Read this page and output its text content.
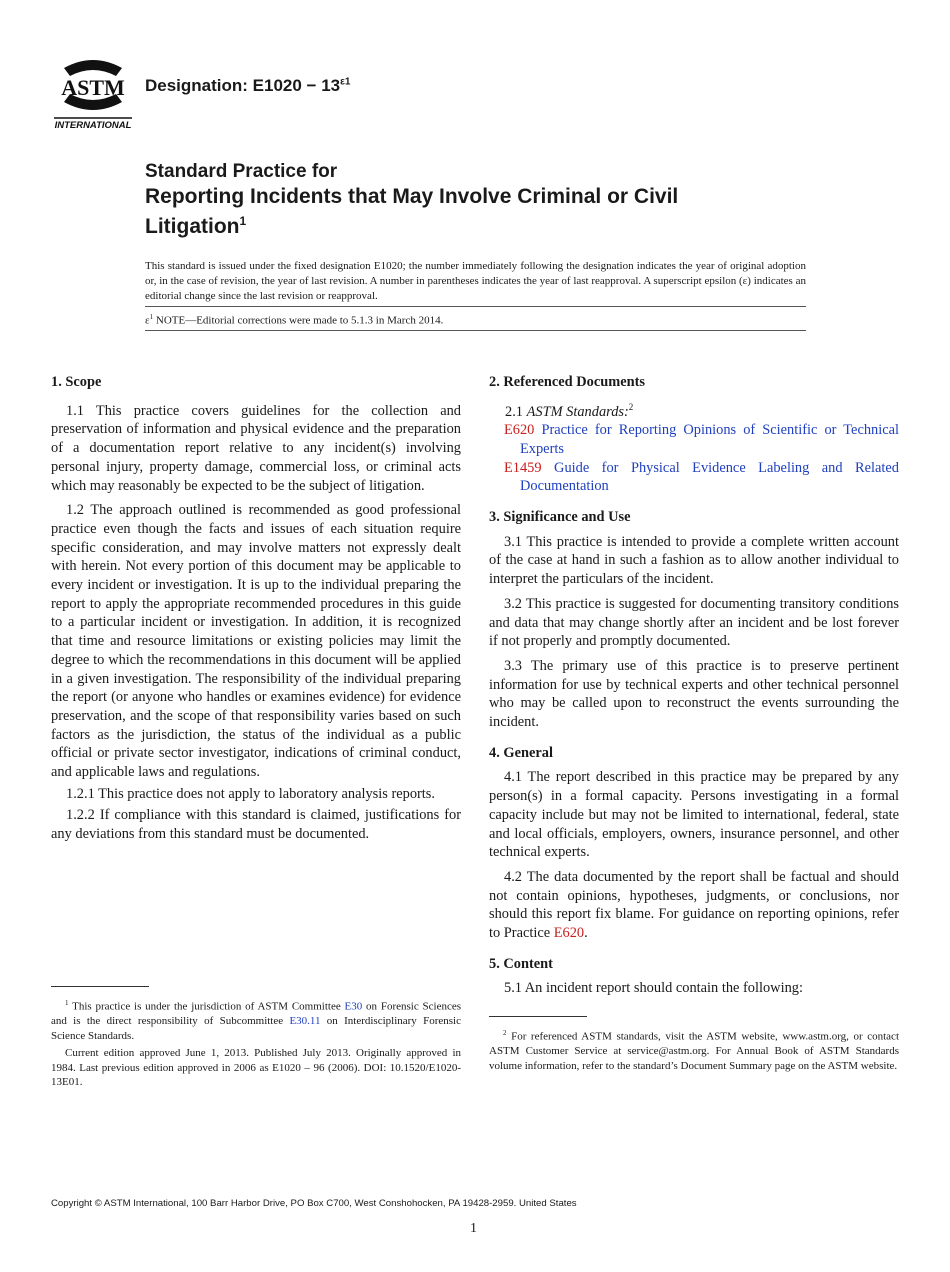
ASTM
INTERNATIONAL
Designation: $E1020 - 13^{\varepsilon 1}$
Standard Practice for
Reporting Incidents that May Involve Criminal or Civil
Litigation$^1$
This standard is issued under the fixed designation E1020; the number immediately following the designation indicates the year of original adoption or, in the case of revision, the year of last revision. A number in parentheses indicates the year of last reapproval. A superscript epsilon (ε) indicates an editorial change since the last revision or reapproval.
$\varepsilon^1$ NOTE—Editorial corrections were made to 5.1.3 in March 2014.
1. Scope

1.1 This practice covers guidelines for the collection and preservation of information and physical evidence and the preparation of a documentation report relative to any incident(s) involving personal injury, property damage, commercial loss, or criminal acts which may reasonably be expected to be the subject of litigation.

1.2 The approach outlined is recommended as good professional practice even though the facts and issues of each situation require specific consideration, and may involve matters not expressly dealt with herein. Not every portion of this document may be applicable to every incident or investigation. It is up to the individual preparing the report to apply the appropriate recommended procedures in this guide to a particular incident or investigation. In addition, it is recognized that time and resource limitations or existing policies may limit the degree to which the recommendations in this document will be applied in a given investigation. The responsibility of the individual preparing the report (or anyone who handles or examines evidence) for evidence preservation, and the scope of that responsibility varies based on such factors as the jurisdiction, the status of the individual as a public official or private sector investigator, indications of criminal conduct, and applicable laws and regulations.

1.2.1 This practice does not apply to laboratory analysis reports.

1.2.2 If compliance with this standard is claimed, justifications for any deviations from this standard must be documented.

$^1$ This practice is under the jurisdiction of ASTM Committee E30 on Forensic Sciences and is the direct responsibility of Subcommittee E30.11 on Interdisciplinary Forensic Science Standards.

Current edition approved June 1, 2013. Published July 2013. Originally approved in 1984. Last previous edition approved in 2006 as E1020 – 96 (2006). DOI: 10.1520/E1020-13E01.

2. Referenced Documents

2.1 ASTM Standards:$^2$

E620 Practice for Reporting Opinions of Scientific or Technical Experts

E1459 Guide for Physical Evidence Labeling and Related Documentation

3. Significance and Use

3.1 This practice is intended to provide a complete written account of the case at hand in such a fashion as to allow another individual to interpret the particulars of the incident.

3.2 This practice is suggested for documenting transitory conditions and data that may change shortly after an incident and be lost forever if not properly and promptly documented.

3.3 The primary use of this practice is to preserve pertinent information for use by technical experts and other technical personnel who may be called upon to reconstruct the events surrounding the incident.

4. General

4.1 The report described in this practice may be prepared by any person(s) in a formal capacity. Persons investigating in a formal capacity include but may not be limited to international, federal, state and local officials, employers, owners, insurance personnel, and other technical experts.

4.2 The data documented by the report shall be factual and should not contain opinions, hypotheses, judgments, or conclusions, nor should this report fix blame. For guidance on reporting opinions, refer to Practice E620.

5. Content

5.1 An incident report should contain the following:

$^2$ For referenced ASTM standards, visit the ASTM website, www.astm.org, or contact ASTM Customer Service at service@astm.org. For Annual Book of ASTM Standards volume information, refer to the standard’s Document Summary page on the ASTM website.

Copyright © ASTM International, 100 Barr Harbor Drive, PO Box C700, West Conshohocken, PA 19428-2959. United States
1
